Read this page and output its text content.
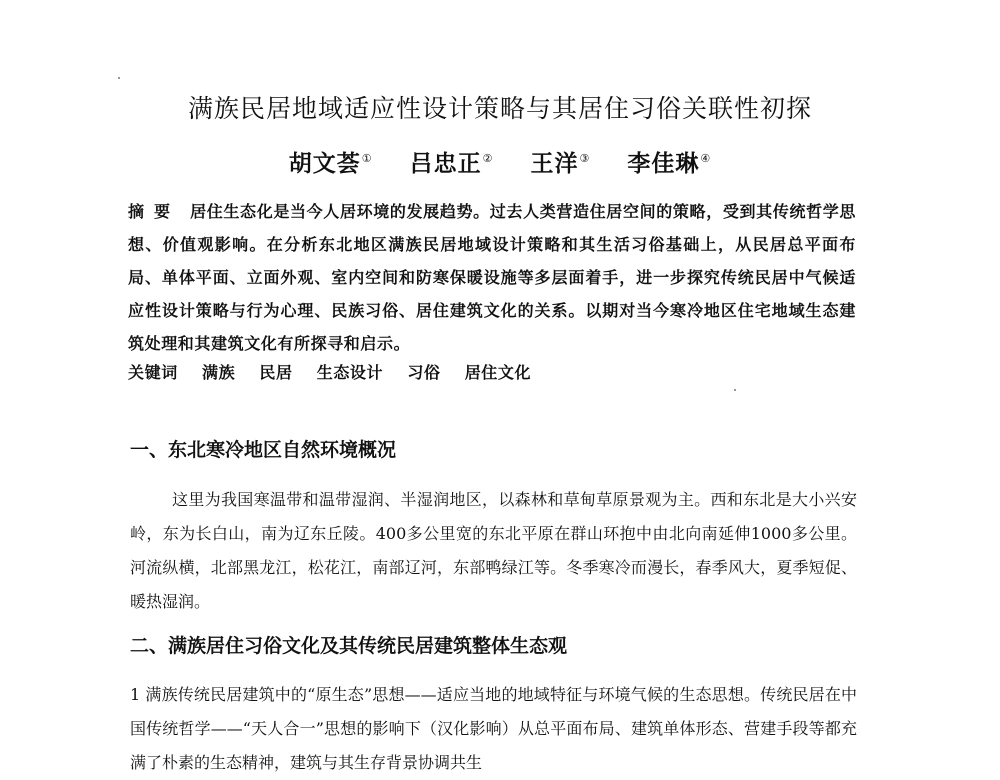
满族民居地域适应性设计策略与其居住习俗关联性初探
胡文荟① 吕忠正② 王洋③ 李佳琳④

摘要 居住生态化是当今人居环境的发展趋势。过去人类营造住居空间的策略，受到其传统哲学思想、价值观影响。在分析东北地区满族民居地域设计策略和其生活习俗基础上，从民居总平面布局、单体平面、立面外观、室内空间和防寒保暖设施等多层面着手，进一步探究传统民居中气候适应性设计策略与行为心理、民族习俗、居住建筑文化的关系。以期对当今寒冷地区住宅地域生态建筑处理和其建筑文化有所探寻和启示。

关键词 满族 民居 生态设计 习俗 居住文化
一、东北寒冷地区自然环境概况

这里为我国寒温带和温带湿润、半湿润地区，以森林和草甸草原景观为主。西和东北是大小兴安岭，东为长白山，南为辽东丘陵。400多公里宽的东北平原在群山环抱中由北向南延伸1000多公里。河流纵横，北部黑龙江，松花江，南部辽河，东部鸭绿江等。冬季寒冷而漫长，春季风大，夏季短促、暖热湿润。

二、满族居住习俗文化及其传统民居建筑整体生态观

1 满族传统民居建筑中的“原生态”思想——适应当地的地域特征与环境气候的生态思想。传统民居在中国传统哲学——“天人合一”思想的影响下（汉化影响）从总平面布局、建筑单体形态、营建手段等都充满了朴素的生态精神，建筑与其生存背景协调共生
